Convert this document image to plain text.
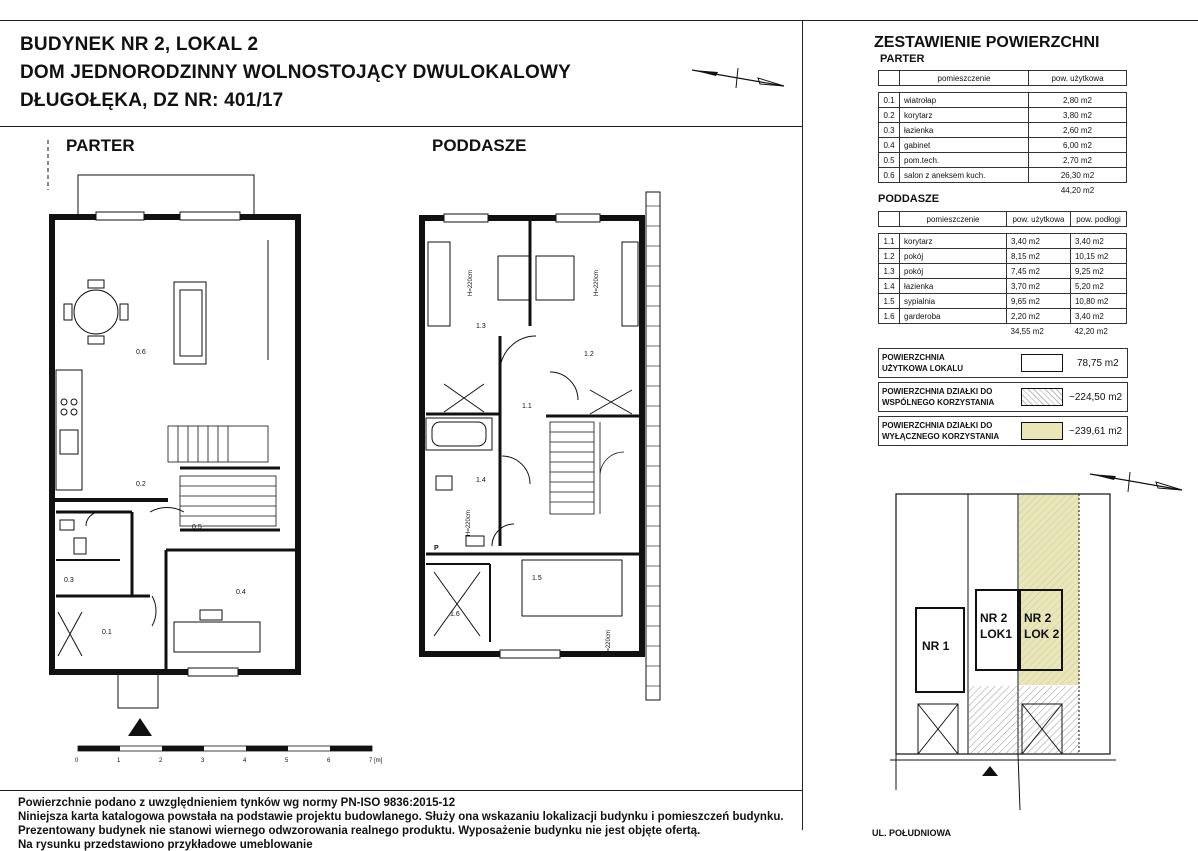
BUDYNEK NR 2, LOKAL 2
DOM JEDNORODZINNY WOLNOSTOJĄCY DWULOKALOWY
DŁUGOŁĘKA, DZ NR: 401/17
PARTER	PODDASZE
0.6
0.2
0.5
0.3
0.4
0.1
0	1	2	3	4	5	6	7 [m]
H=220cm	H=220cm
H=220cm
H=220cm
1.3
1.2
1.1
1.4
P
1.5
1.6
ZESTAWIENIE POWIERZCHNI
PARTER
	pomieszczenie	pow. użytkowa

0.1	wiatrołap	2,80 m2
0.2	korytarz	3,80 m2
0.3	łazienka	2,60 m2
0.4	gabinet	6,00 m2
0.5	pom.tech.	2,70 m2
0.6	salon z aneksem kuch.	26,30 m2
		44,20 m2
PODDASZE
	pomieszczenie	pow. użytkowa	pow. podłogi

1.1	korytarz	3,40 m2	3,40 m2
1.2	pokój	8,15 m2	10,15 m2
1.3	pokój	7,45 m2	9,25 m2
1.4	łazienka	3,70 m2	5,20 m2
1.5	sypialnia	9,65 m2	10,80 m2
1.6	garderoba	2,20 m2	3,40 m2
		34,55 m2	42,20 m2
POWIERZCHNIA
UŻYTKOWA LOKALU	78,75 m2
POWIERZCHNIA DZIAŁKI DO
WSPÓLNEGO KORZYSTANIA	~224,50 m2
POWIERZCHNIA DZIAŁKI DO
WYŁĄCZNEGO KORZYSTANIA	~239,61 m2
NR 1
NR 2
LOK1
NR 2
LOK 2
UL. POŁUDNIOWA
Powierzchnie podano z uwzględnieniem tynków wg normy PN-ISO 9836:2015-12
Niniejsza karta katalogowa powstała na podstawie projektu budowlanego. Służy ona wskazaniu lokalizacji budynku i pomieszczeń budynku.
Prezentowany budynek nie stanowi wiernego odwzorowania realnego produktu. Wyposażenie budynku nie jest objęte ofertą.
Na rysunku przedstawiono przykładowe umeblowanie
